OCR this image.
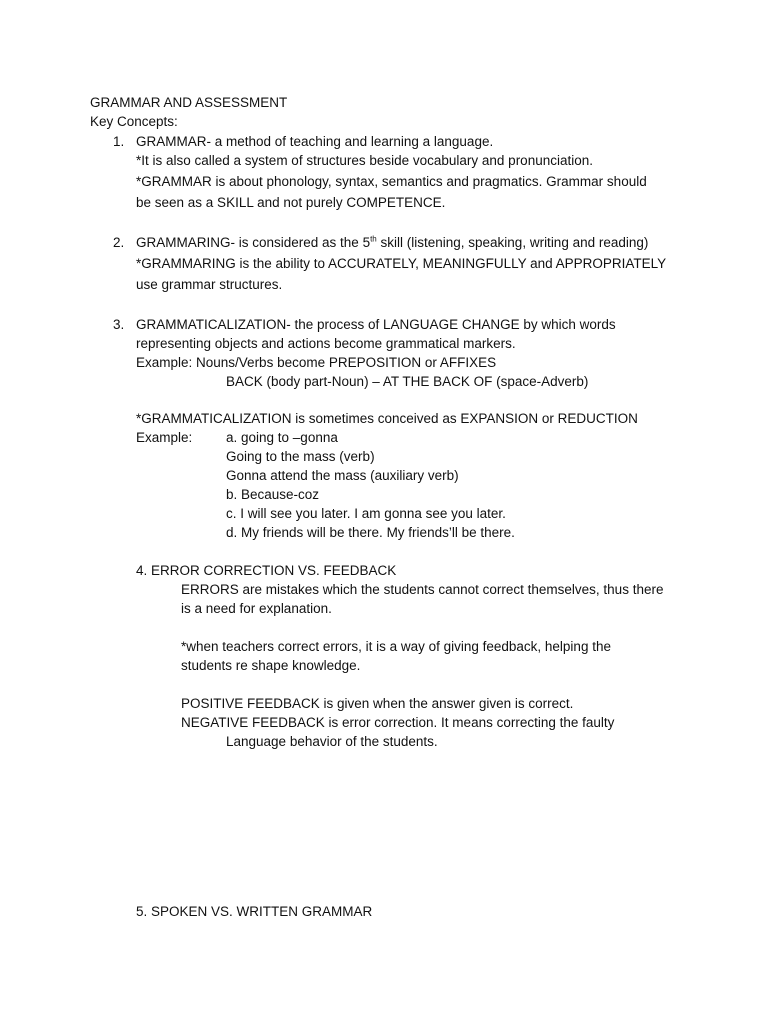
GRAMMAR AND ASSESSMENT
Key Concepts:
1. GRAMMAR- a method of teaching and learning a language.
*It is also called a system of structures beside vocabulary and pronunciation.
*GRAMMAR is about phonology, syntax, semantics and pragmatics. Grammar should
be seen as a SKILL and not purely COMPETENCE.
2. GRAMMARING- is considered as the 5th skill (listening, speaking, writing and reading)
*GRAMMARING is the ability to ACCURATELY, MEANINGFULLY and APPROPRIATELY
use grammar structures.
3. GRAMMATICALIZATION- the process of LANGUAGE CHANGE by which words
representing objects and actions become grammatical markers.
Example: Nouns/Verbs become PREPOSITION or AFFIXES
BACK (body part-Noun) – AT THE BACK OF (space-Adverb)
*GRAMMATICALIZATION is sometimes conceived as EXPANSION or REDUCTION
Example: a. going to –gonna
Going to the mass (verb)
Gonna attend the mass (auxiliary verb)
b. Because-coz
c. I will see you later. I am gonna see you later.
d. My friends will be there. My friends’ll be there.
4. ERROR CORRECTION VS. FEEDBACK
ERRORS are mistakes which the students cannot correct themselves, thus there
is a need for explanation.
*when teachers correct errors, it is a way of giving feedback, helping the
students re shape knowledge.
POSITIVE FEEDBACK is given when the answer given is correct.
NEGATIVE FEEDBACK is error correction. It means correcting the faulty
Language behavior of the students.
5. SPOKEN VS. WRITTEN GRAMMAR
